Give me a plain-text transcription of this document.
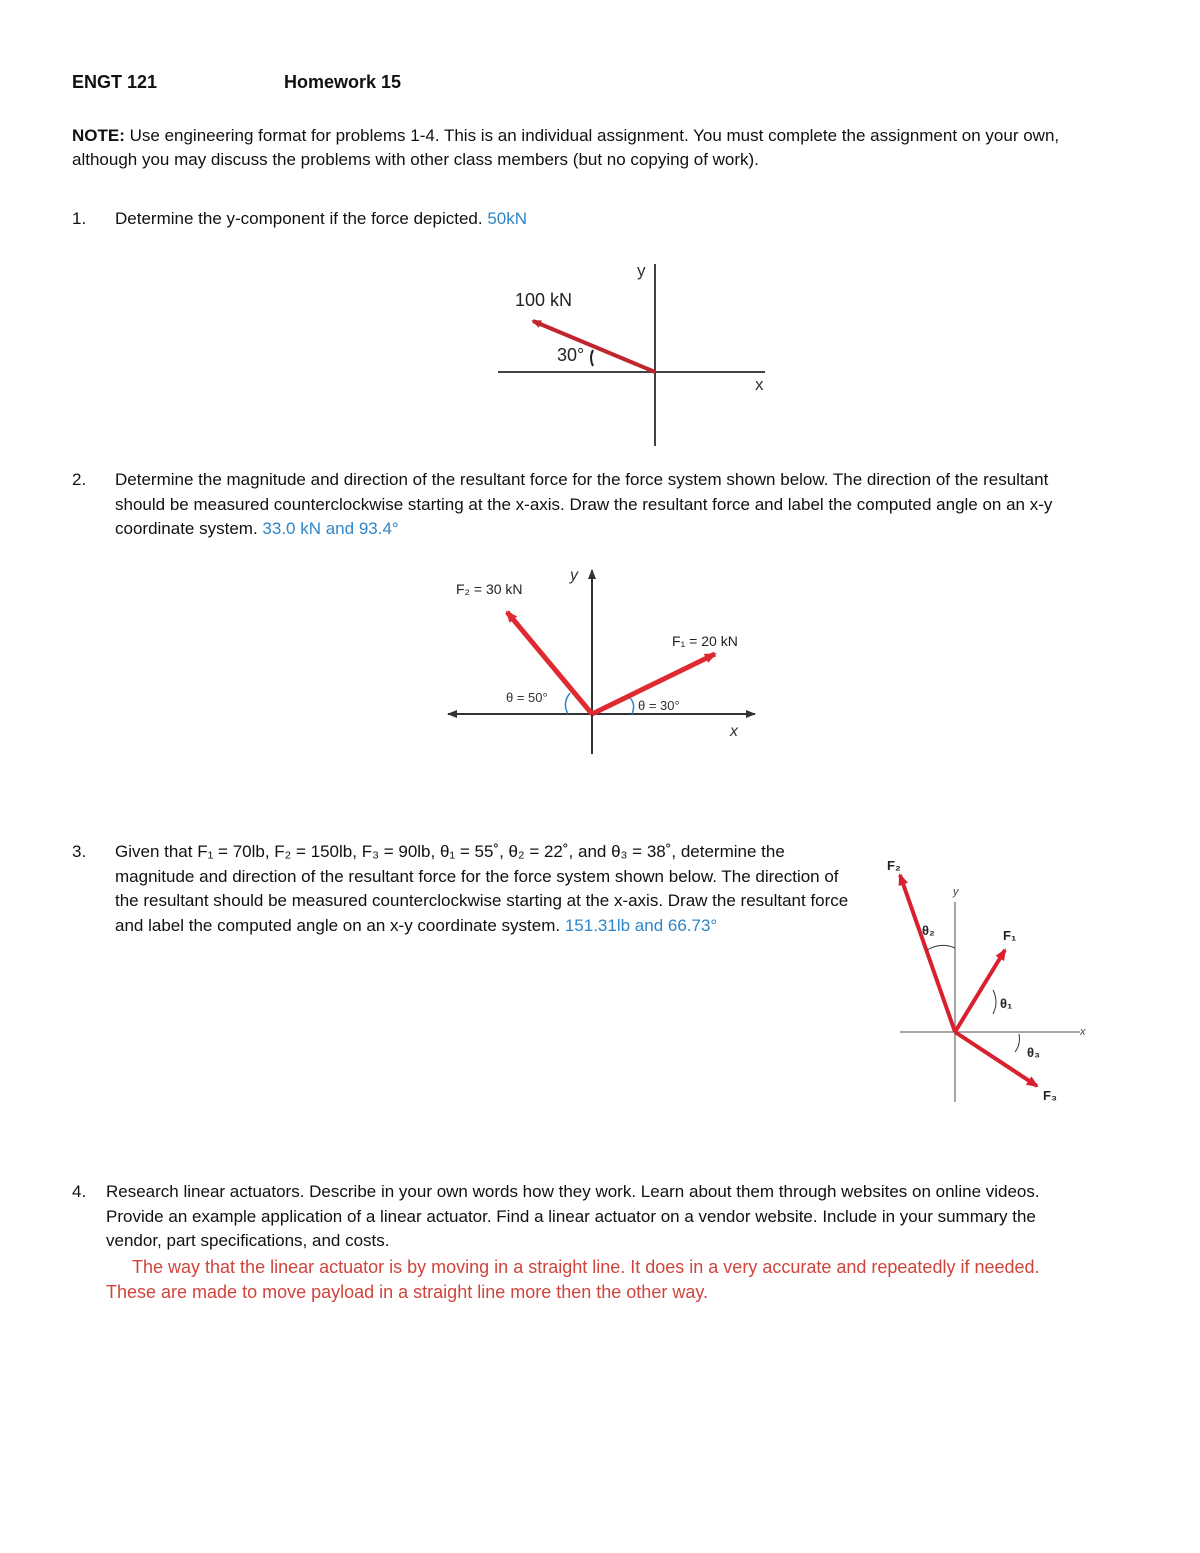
ENGT 121	Homework 15
NOTE: Use engineering format for problems 1-4. This is an individual assignment. You must complete the assignment on your own, although you may discuss the problems with other class members (but no copying of work).
1. Determine the y-component if the force depicted. 50kN
y
x
100 kN
30°
2. Determine the magnitude and direction of the resultant force for the force system shown below. The direction of the resultant should be measured counterclockwise starting at the x-axis. Draw the resultant force and label the computed angle on an x-y coordinate system. 33.0 kN and 93.4°
y
x
F₂ = 30 kN
F₁ = 20 kN
θ = 50°
θ = 30°
3. Given that F₁ = 70lb, F₂ = 150lb, F₃ = 90lb, θ₁ = 55˚, θ₂ = 22˚, and θ₃ = 38˚, determine the magnitude and direction of the resultant force for the force system shown below. The direction of the resultant should be measured counterclockwise starting at the x-axis. Draw the resultant force and label the computed angle on an x-y coordinate system. 151.31lb and 66.73°
y
x
F₂
F₁
F₃
θ₂
θ₁
θ₃
4. Research linear actuators. Describe in your own words how they work. Learn about them through websites on online videos. Provide an example application of a linear actuator. Find a linear actuator on a vendor website. Include in your summary the vendor, part specifications, and costs.
The way that the linear actuator is by moving in a straight line. It does in a very accurate and repeatedly if needed. These are made to move payload in a straight line more then the other way.
